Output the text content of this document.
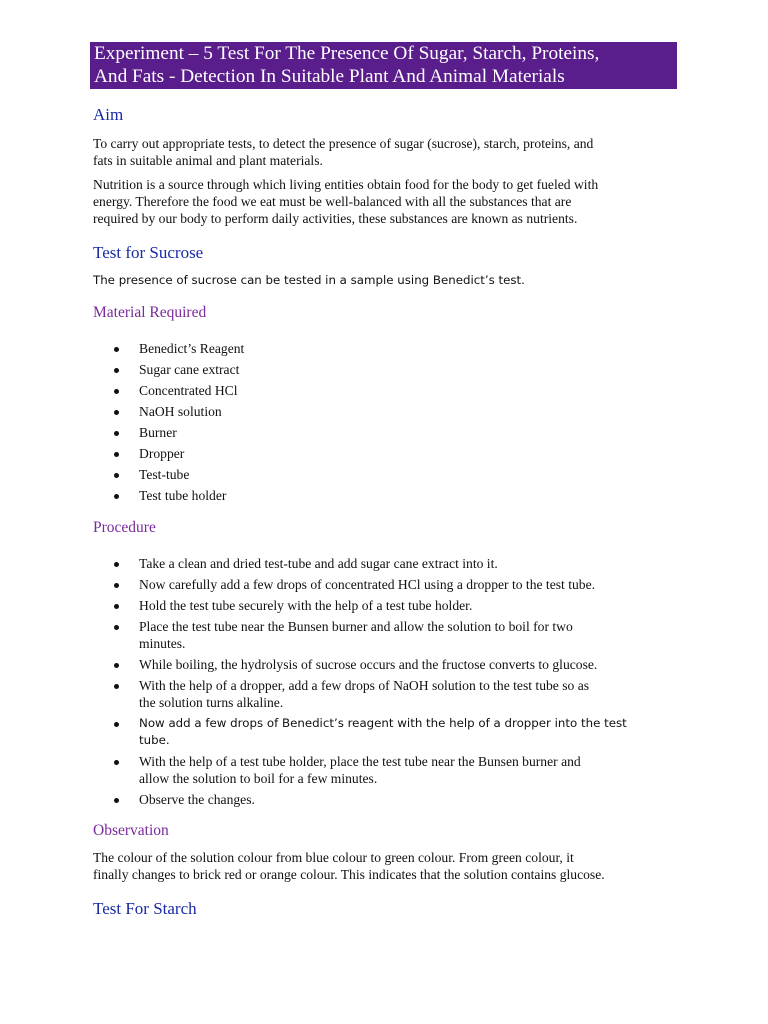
Experiment – 5 Test For The Presence Of Sugar, Starch, Proteins,
And Fats - Detection In Suitable Plant And Animal Materials
Aim
To carry out appropriate tests, to detect the presence of sugar (sucrose), starch, proteins, and
fats in suitable animal and plant materials.
Nutrition is a source through which living entities obtain food for the body to get fueled with
energy. Therefore the food we eat must be well-balanced with all the substances that are
required by our body to perform daily activities, these substances are known as nutrients.
Test for Sucrose
The presence of sucrose can be tested in a sample using Benedict’s test.
Material Required
Benedict’s Reagent
Sugar cane extract
Concentrated HCl
NaOH solution
Burner
Dropper
Test-tube
Test tube holder
Procedure
Take a clean and dried test-tube and add sugar cane extract into it.
Now carefully add a few drops of concentrated HCl using a dropper to the test tube.
Hold the test tube securely with the help of a test tube holder.
Place the test tube near the Bunsen burner and allow the solution to boil for two
minutes.
While boiling, the hydrolysis of sucrose occurs and the fructose converts to glucose.
With the help of a dropper, add a few drops of NaOH solution to the test tube so as
the solution turns alkaline.
Now add a few drops of Benedict’s reagent with the help of a dropper into the test
tube.
With the help of a test tube holder, place the test tube near the Bunsen burner and
allow the solution to boil for a few minutes.
Observe the changes.
Observation
The colour of the solution colour from blue colour to green colour. From green colour, it
finally changes to brick red or orange colour. This indicates that the solution contains glucose.
Test For Starch
